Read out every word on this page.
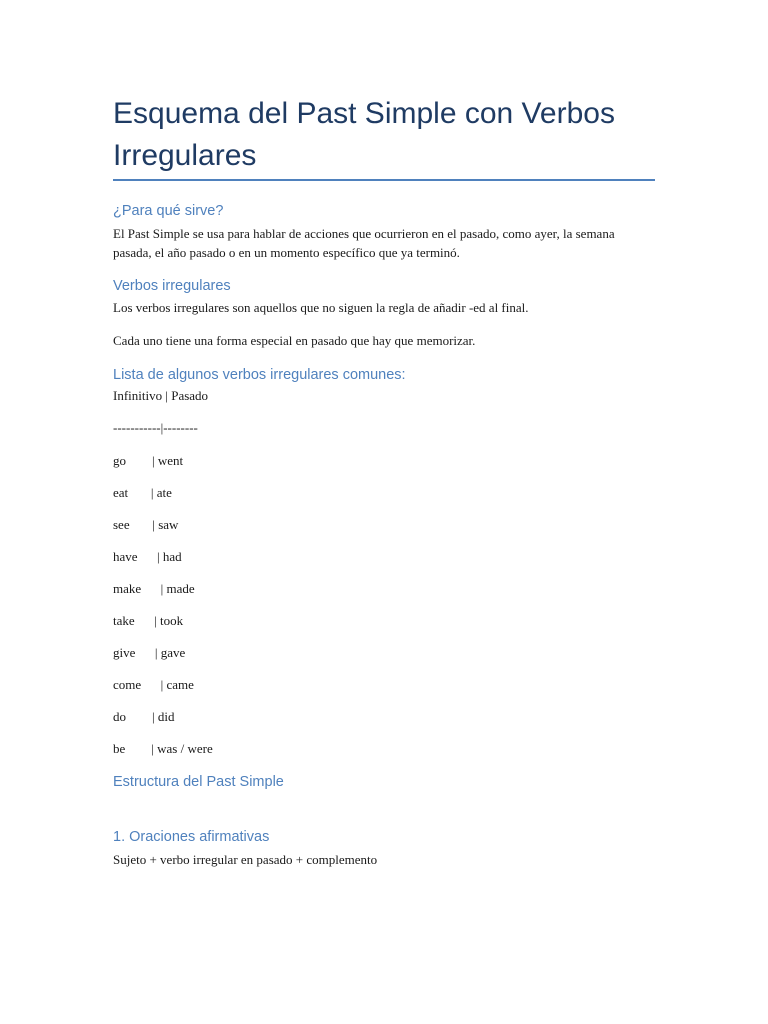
Esquema del Past Simple con Verbos Irregulares
¿Para qué sirve?

El Past Simple se usa para hablar de acciones que ocurrieron en el pasado, como ayer, la semana pasada, el año pasado o en un momento específico que ya terminó.

Verbos irregulares

Los verbos irregulares son aquellos que no siguen la regla de añadir -ed al final.

Cada uno tiene una forma especial en pasado que hay que memorizar.

Lista de algunos verbos irregulares comunes:

Infinitivo | Pasado

-----------|--------

go        | went

eat       | ate

see       | saw

have      | had

make      | made

take      | took

give      | gave

come      | came

do        | did

be        | was / were

Estructura del Past Simple
1. Oraciones afirmativas

Sujeto + verbo irregular en pasado + complemento
